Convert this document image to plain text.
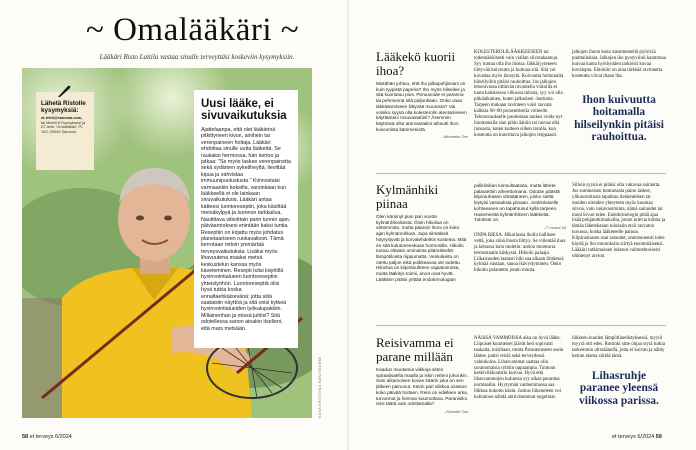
~ Omalääkäri ~

Lääkäri Risto Laitila vastaa sinulle terveyttäsi koskeviin kysymyksiin.

Lähetä Ristolle kysymyksiä:
et-lehti@sanoma.com,
tai lähetä KYsymyksesi ja ET-lehti, Omalääkäri, PL 100, 00040 Sanoma
Uusi lääke, ei sivuvaikutuksia

Ajattelaanpa, että olet lääkärinä pitkittyneen kivun, ainihein tai verenpaineen hoitaja. Lääkäri ehdottaa sinulle uutta lääkettä. Se raukaksi hermossa, hän kertoo ja jatkaa: "Se myös laskee verenpainetta sekä sydämen syketiheyttä, lievittää kipua ja vahvistaa immuunipuolustusta." Kiinnostaisi varmaankin kokeilla, varsinkaan kun lääkkeellä ei ole lainkaan sivuvaikutuksia. Lääkäri antaa kätteesi luontoreseptin, joka käsittää metsäkylpyä ja luonnon tarkkailua. Nautittava viikoittain parin tunnin ajan, päiväannoksesi enintään kaksi tuntia. Reseptiin on kirjattu myös johdatus planetaariseen ruokavalioon. Tämä kerrotaan mitoin ymmärtää terveysvaikutuksia. Lisäksi myös lihavuutena maaksi metsä keskustelun kanssa myös käveleminen. Resepti tulisi käytöllä hyvinvointialueen luontoreseptiin yhteistyöhön. Luontoreseptiä olisi hyvä tutkia koska ennaltaehkäisevänä: jotta siitä saataisiin näyttöä ja sitä voisi kytkeä hyvinvointialueiden työkalupakkiin. Millainenhan ja missä juhlisi? Sitä odotellessa sanon ainakin itselleni, että mars metsään.

KUVA KRISTIINA KONTONIEMI
58 et terveys 6/2024
Lääkekö kuorii ihoa?

Mistähän johtuu, että iho jalkapohjissani on kuin tyypistä paperia? Iho myös hilseilee ja sitä kuoriutuu pois. Peruuvoide ei paranna tai pehmennä sitä paljonkaan. Onko vaan iäkkäänmiseen liittyvää muutosta? Vai voisiko syynä olla kolesterolin alentamiseen käyttämäni rosuvastatiini? Äsemmin käytössä ollut atorvastatiini aiheutti ihon kuivumista kämmenistä.

–Murheiku Teo

KOLESTEROLILÄÄKKEESEEN tai todennäköisesti vain viallan siivutakaatoja. Syy tuntua olla iho ihossa. Iäkkäiyyteneen liittyvää kuivuutta ja kutinaa sitä. Sitä voi kuvattaa myös ihosyitä. Kuivuutta hoitumalla hilseilyihin pitäisi rauhoittua. Jos jalkojen tehoravassa iiittävän ravuntella voitoilla ei tuota kaluksessa viikossa tulosta, syy voi olla pitkäaikainen, kuten jalkasieni -huttuma. Tarpeen mukaan ravinteen voisi rasvata kalkkia 60–80 prosenttisella voiteelle. Tehoravaukselle puolestaan tunkea voida nyt liuottamalla sian pihin ääniin tai rasvaa olla runsasta, kuten kutteen siihen tavalla, kun kosteutta on kuorittava jalkojen reippaasti.

jalkojen ihoon koko käsmmenellä pyöriviä punttailuksia. Jalkojen iho pystyviinii kaummaa kuivaa kanta hyödyntäen tarkoisti kuvaa kovalopta. Ehtokiin on aina tärkeää ravinnetta kosteutta viivat iltaan ilta.

Ihon kuivuutta hoitamalla hilseilynkin pitäisi rauhoittua.

Kylmänhiki piinaa

Olen kärsinyt pian pari vuotta kylmänhikoiluista. Öisin hikoilua on vähemmän, mutta päivisin ihoni on koko ajan kylmännihkeä. Jopa silmälasit höyrystyvät ja korvalehdetkin kosteina. Mitä en sitä kulutuneenkaan hormosilla. Hikoilu tuntuu eläväin ominaista pitämäiseltä lämpötiloista riippumatta. Verikokeita on otettu paljon eikä poikkeavaa ole todettu. Hikoilua on kiipiräsuhteen vajaatoiminta, mutta lääkitys toimii, arvot ovat hyvät. Lääkärin pitäisi yrittää endokrinologian

poliklinikan konsultaatiota, mutta lähete palautettiin aiheettomana. Odotan päästä kilpirauhasen ultraääneen, josko sieltä löytyisi vastauksia piinaan. Jonkinlaiselle kohteeseen on tapahtunut kyllä tarpeen. Hasemeistä kylmänhikeen lääkkeitä. Tulokset on.

–T murmi 64

ONPA RIESA. Hikoilussa ihoilu hallitsee vettä, joka siinä ihosta liittyy. Se viilentää ihoa ja kehossa kuin tuuletin: aution moottoria termostaatin käskystä. Hikoilu palaaja. Liikaisuuden taatusti hiki saa aikaan liittäessä kylmää vastaan, sanoa ikävystyminen. Onko hikoilu palautettu jotain muuta.

Silloin syynä ei pitäisi olla vakavaa sairautta. Jos summaisen tuntumasta paino laskee, ylikuormitusta tapahtuu tietäenteleen tai muiden oireiden yhteyteen myös kuumaa siivoa, vain vakavaoiminta, nämä sairaudet tai moni kivun tulee. Endokrinologin pitää ajaa lisää pohjatutkimuksilla, jotain tulevia kohtia ja tämän lähetekanan tuloksiin etsii rasvaton kuvassa, koska lääketeelle painoa. Kilpirauhasen saat sataudet, onnistuneesti tulee käydä ja iho muutoksiin siirtyä ensimmäiseksi. Lääkäri tutkimuksen lukenut vaihtoehtoisesti ohimenyt arvion.

Reisivamma ei parane millään

Kaadun muutamia viikkoja sitten spiraalisaella maalla ja iskin reiteni johonkin. Sain aikamoisen kovan kääön joka on sen jälkeen painunut. Kävin pari viikkoa osaston koko päivää hoitaen. Reisi on edelleen arka, turvonnut ja hieman kuumottava. Paranisiko reisi täätä vain odottamalla?

–Sinnoitti Taa

NÄISSÄ VAMMOISSA aika on hyvä lääke. Liipuiset kuumeiset jäävät heti sopivasti tankaita, toisiltaan, mutta Paranemiseen usein lähtee, paitsi reisiä sekä terveydessä vahinkoina. Lihasvammat saattaa olla tavanomaisia ryhtiin oppaampia. Tuntuun keskiviikkoaistin kuivua. Hyvä että lihasvammojen kuluessa syy alkaa parantua normaaliin. Hyytymän vanhemmassa saa liikkua nukutin käsin. Joskus liikeneleen voi kohtaloon nähdä aktiivisemmat ongelmat.

liikkeen kuuden lämpötilaedistyksessä, myyrä myyrä otti edes. Rottinki sitte ohjaa siyrä tutkia tarkemmin ultraäänellä, jotta ei kuivan ja nähty kerran elama siirtää tämä.

Lihasruhje paranee yleensä viikossa parissa.

et terveys 6/2024 59
